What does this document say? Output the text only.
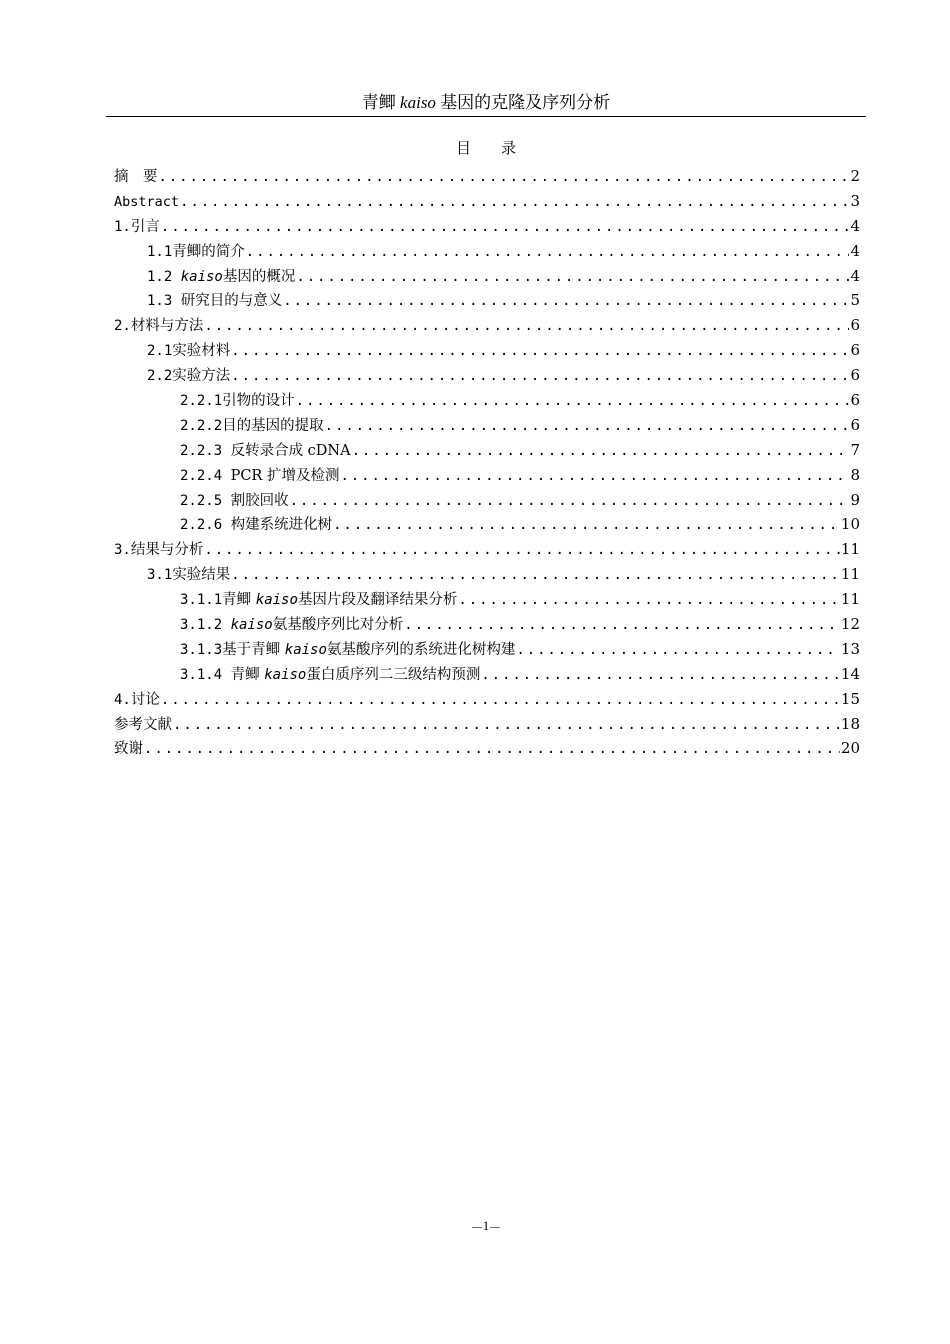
青鲫 kaiso 基因的克隆及序列分析
目 录
摘　要 .....	2
Abstract .....	3
1.引言 .....	4
1.1青鲫的简介 .....	4
1.2 kaiso基因的概况 .....	4
1.3 研究目的与意义 .....	5
2.材料与方法 .....	6
2.1实验材料 .....	6
2.2实验方法 .....	6
2.2.1引物的设计 .....	6
2.2.2目的基因的提取 .....	6
2.2.3 反转录合成 cDNA .....	7
2.2.4 PCR 扩增及检测 .....	8
2.2.5 割胶回收 .....	9
2.2.6 构建系统进化树 .....	10
3.结果与分析 .....	11
3.1实验结果 .....	11
3.1.1青鲫 kaiso基因片段及翻译结果分析 .....	11
3.1.2 kaiso氨基酸序列比对分析 .....	12
3.1.3基于青鲫 kaiso氨基酸序列的系统进化树构建 .....	13
3.1.4 青鲫 kaiso蛋白质序列二三级结构预测 .....	14
4.讨论 .....	15
参考文献 .....	18
致谢 .....	20
1
